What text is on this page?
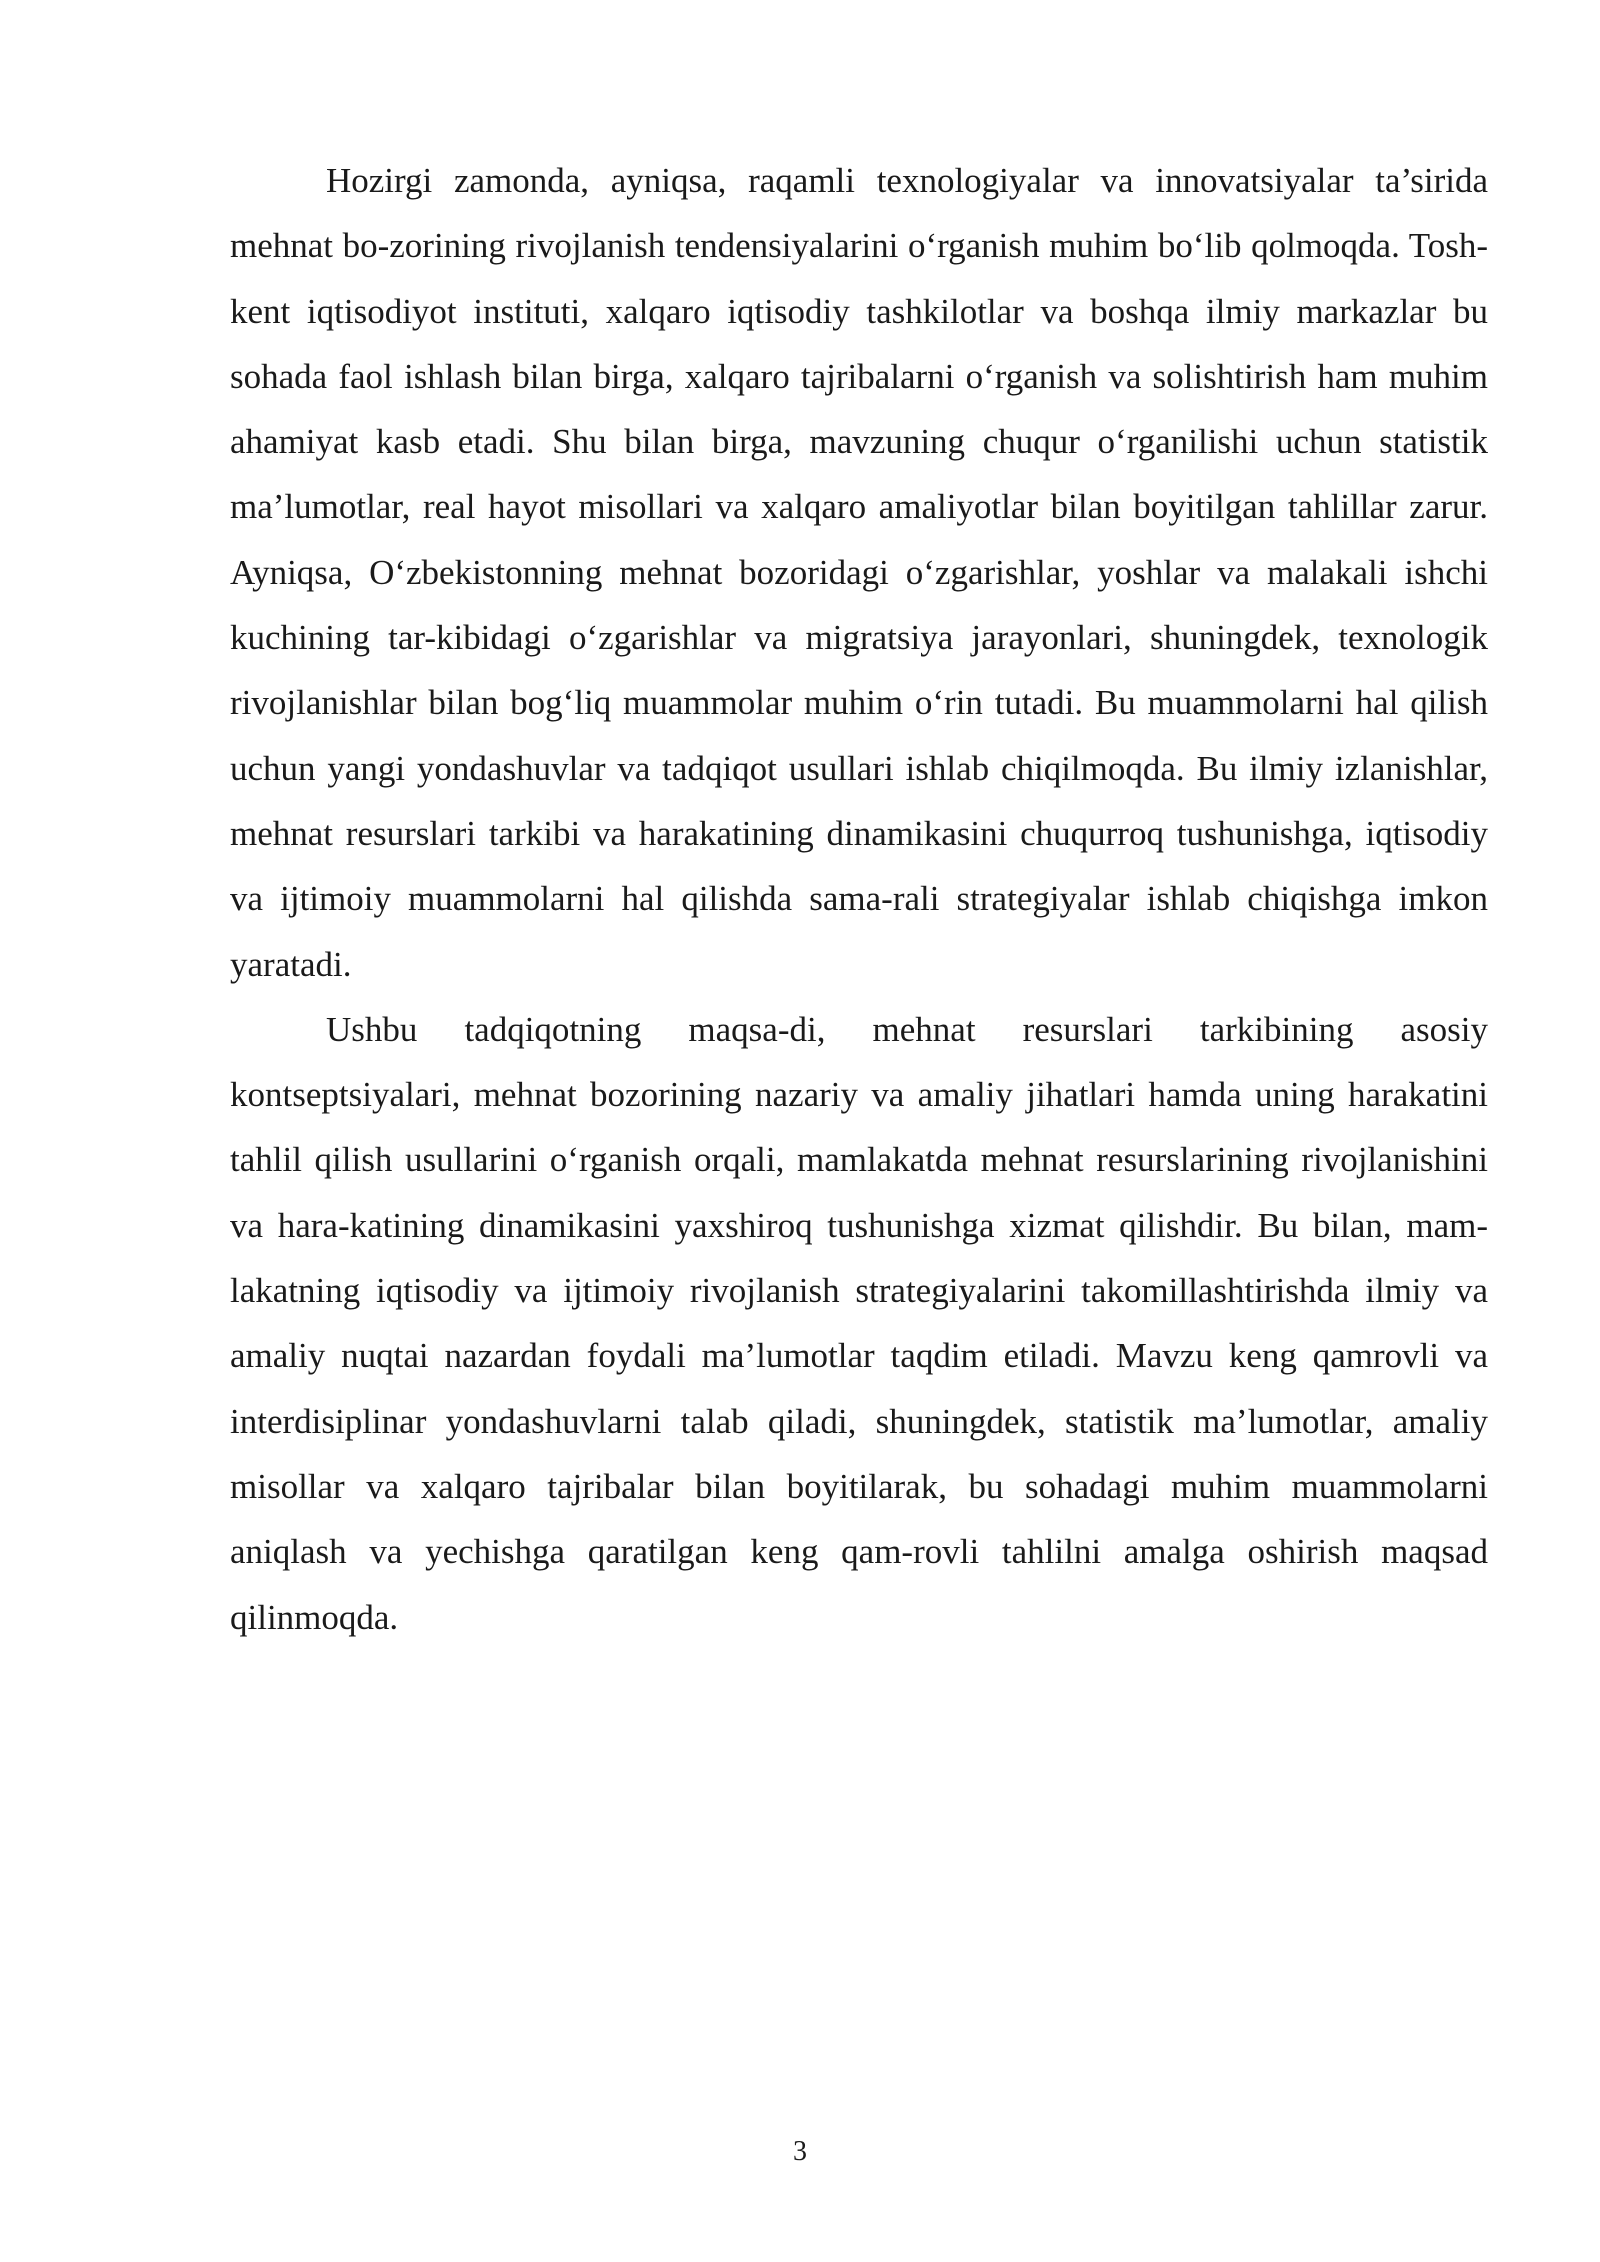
Hozirgi zamonda, ayniqsa, raqamli texnologiyalar va innovatsiyalar ta’sirida mehnat bo-zorining rivojlanish tendensiyalarini o‘rganish muhim bo‘lib qolmoqda. Tosh-kent iqtisodiyot instituti, xalqaro iqtisodiy tashkilotlar va boshqa ilmiy markazlar bu sohada faol ishlash bilan birga, xalqaro tajribalarni o‘rganish va solishtirish ham muhim ahamiyat kasb etadi. Shu bilan birga, mavzuning chuqur o‘rganilishi uchun statistik ma’lumotlar, real hayot misollari va xalqaro amaliyotlar bilan boyitilgan tahlillar zarur. Ayniqsa, O‘zbekistonning mehnat bozoridagi o‘zgarishlar, yoshlar va malakali ishchi kuchining tar-kibidagi o‘zgarishlar va migratsiya jarayonlari, shuningdek, texnologik rivojlanishlar bilan bog‘liq muammolar muhim o‘rin tutadi. Bu muammolarni hal qilish uchun yangi yondashuvlar va tadqiqot usullari ishlab chiqilmoqda. Bu ilmiy izlanishlar, mehnat resurslari tarkibi va harakatining dinamikasini chuqurroq tushunishga, iqtisodiy va ijtimoiy muammolarni hal qilishda sama-rali strategiyalar ishlab chiqishga imkon yaratadi.

Ushbu tadqiqotning maqsa-di, mehnat resurslari tarkibining asosiy kontseptsiyalari, mehnat bozorining nazariy va amaliy jihatlari hamda uning harakatini tahlil qilish usullarini o‘rganish orqali, mamlakatda mehnat resurslarining rivojlanishini va hara-katining dinamikasini yaxshiroq tushunishga xizmat qilishdir. Bu bilan, mam-lakatning iqtisodiy va ijtimoiy rivojlanish strategiyalarini takomillashtirishda ilmiy va amaliy nuqtai nazardan foydali ma’lumotlar taqdim etiladi. Mavzu keng qamrovli va interdisiplinar yondashuvlarni talab qiladi, shuningdek, statistik ma’lumotlar, amaliy misollar va xalqaro tajribalar bilan boyitilarak, bu sohadagi muhim muammolarni aniqlash va yechishga qaratilgan keng qam-rovli tahlilni amalga oshirish maqsad qilinmoqda.

3
